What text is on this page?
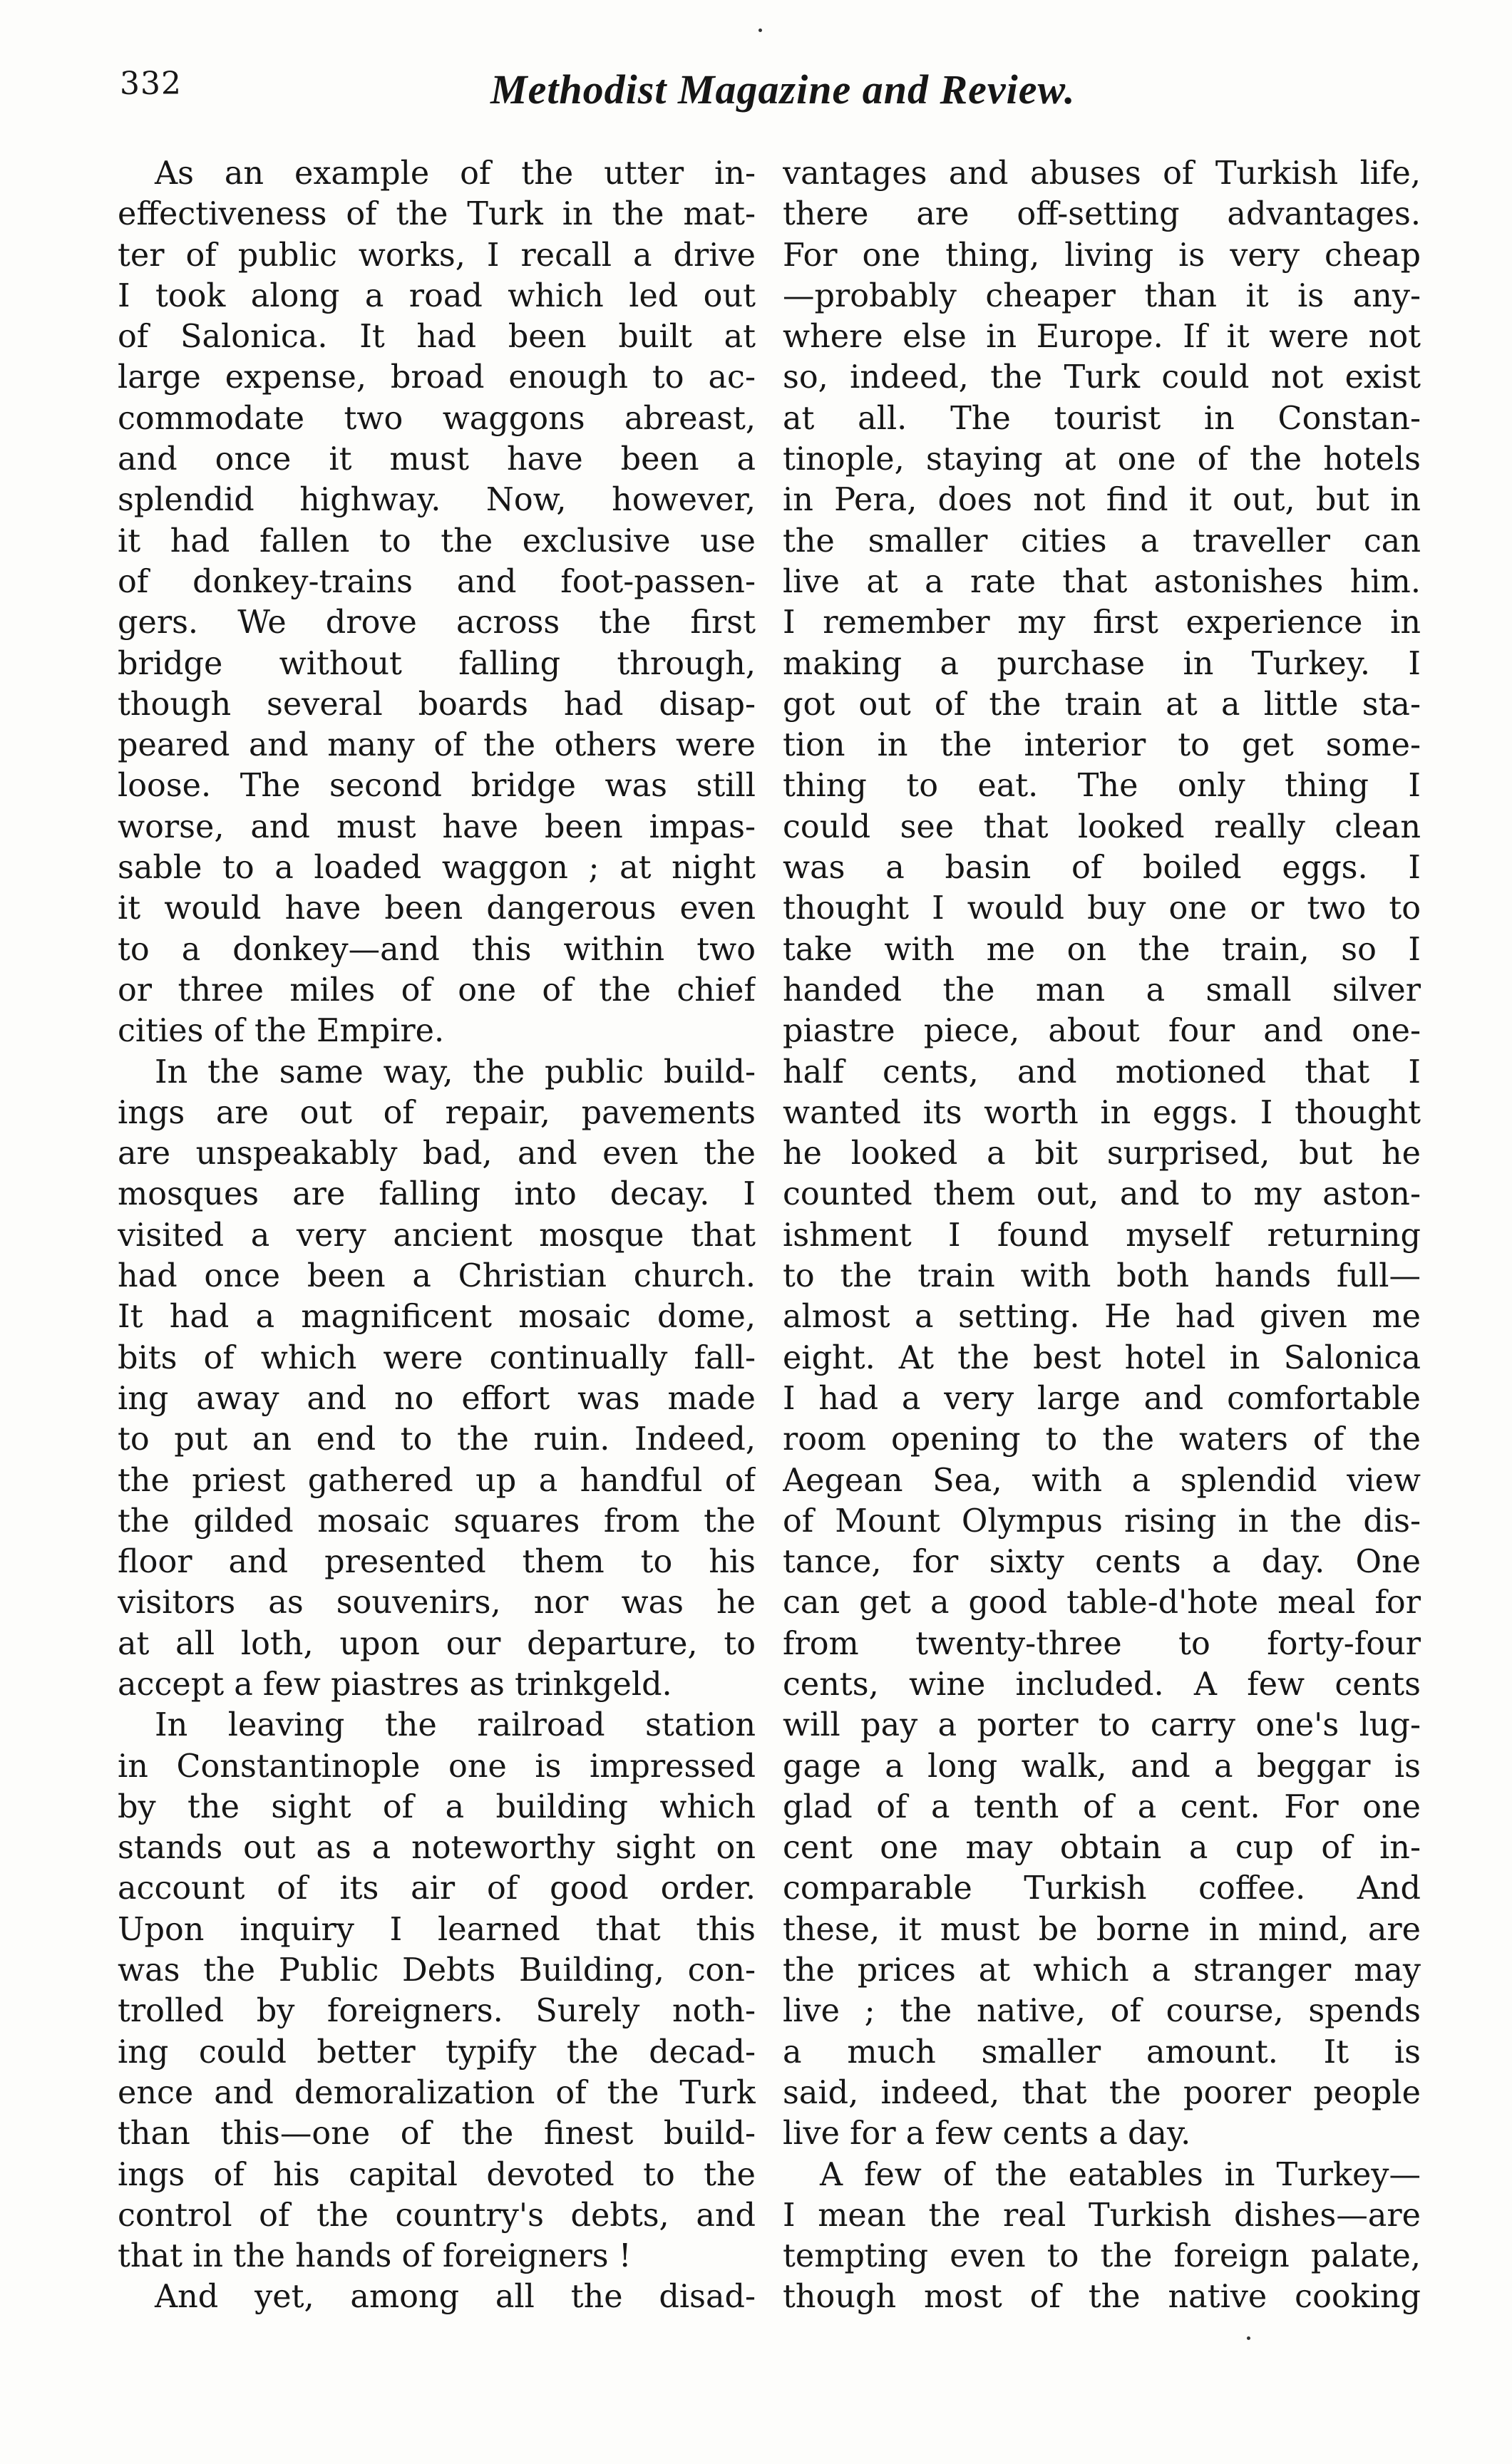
332	Methodist Magazine and Review.
As an example of the utter in-
effectiveness of the Turk in the mat-
ter of public works, I recall a drive
I took along a road which led out
of Salonica. It had been built at
large expense, broad enough to ac-
commodate two waggons abreast,
and once it must have been a
splendid highway. Now, however,
it had fallen to the exclusive use
of donkey-trains and foot-passen-
gers. We drove across the first
bridge without falling through,
though several boards had disap-
peared and many of the others were
loose. The second bridge was still
worse, and must have been impas-
sable to a loaded waggon ; at night
it would have been dangerous even
to a donkey—and this within two
or three miles of one of the chief
cities of the Empire.
In the same way, the public build-
ings are out of repair, pavements
are unspeakably bad, and even the
mosques are falling into decay. I
visited a very ancient mosque that
had once been a Christian church.
It had a magnificent mosaic dome,
bits of which were continually fall-
ing away and no effort was made
to put an end to the ruin. Indeed,
the priest gathered up a handful of
the gilded mosaic squares from the
floor and presented them to his
visitors as souvenirs, nor was he
at all loth, upon our departure, to
accept a few piastres as trinkgeld.
In leaving the railroad station
in Constantinople one is impressed
by the sight of a building which
stands out as a noteworthy sight on
account of its air of good order.
Upon inquiry I learned that this
was the Public Debts Building, con-
trolled by foreigners. Surely noth-
ing could better typify the decad-
ence and demoralization of the Turk
than this—one of the finest build-
ings of his capital devoted to the
control of the country's debts, and
that in the hands of foreigners !
And yet, among all the disad-
vantages and abuses of Turkish life,
there are off-setting advantages.
For one thing, living is very cheap
—probably cheaper than it is any-
where else in Europe. If it were not
so, indeed, the Turk could not exist
at all. The tourist in Constan-
tinople, staying at one of the hotels
in Pera, does not find it out, but in
the smaller cities a traveller can
live at a rate that astonishes him.
I remember my first experience in
making a purchase in Turkey. I
got out of the train at a little sta-
tion in the interior to get some-
thing to eat. The only thing I
could see that looked really clean
was a basin of boiled eggs. I
thought I would buy one or two to
take with me on the train, so I
handed the man a small silver
piastre piece, about four and one-
half cents, and motioned that I
wanted its worth in eggs. I thought
he looked a bit surprised, but he
counted them out, and to my aston-
ishment I found myself returning
to the train with both hands full—
almost a setting. He had given me
eight. At the best hotel in Salonica
I had a very large and comfortable
room opening to the waters of the
Aegean Sea, with a splendid view
of Mount Olympus rising in the dis-
tance, for sixty cents a day. One
can get a good table-d'hote meal for
from twenty-three to forty-four
cents, wine included. A few cents
will pay a porter to carry one's lug-
gage a long walk, and a beggar is
glad of a tenth of a cent. For one
cent one may obtain a cup of in-
comparable Turkish coffee. And
these, it must be borne in mind, are
the prices at which a stranger may
live ; the native, of course, spends
a much smaller amount. It is
said, indeed, that the poorer people
live for a few cents a day.
A few of the eatables in Turkey—
I mean the real Turkish dishes—are
tempting even to the foreign palate,
though most of the native cooking
